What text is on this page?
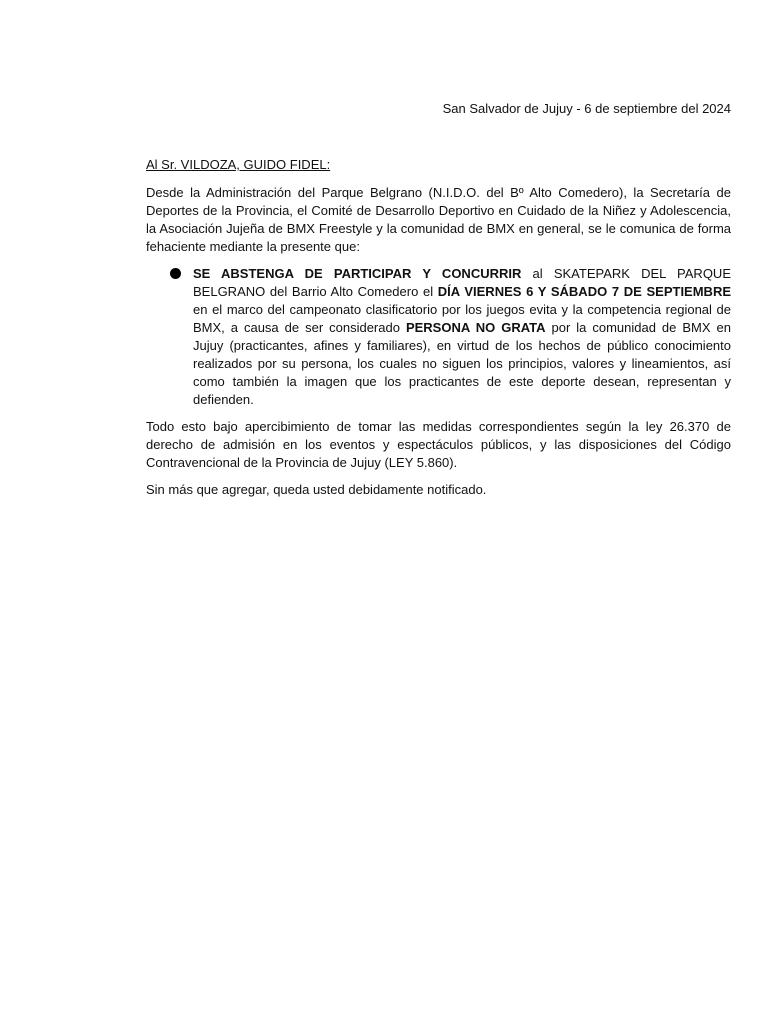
San Salvador de Jujuy - 6 de septiembre del 2024
Al Sr. VILDOZA, GUIDO FIDEL:

Desde la Administración del Parque Belgrano (N.I.D.O. del Bº Alto Comedero), la Secretaría de Deportes de la Provincia, el Comité de Desarrollo Deportivo en Cuidado de la Niñez y Adolescencia, la Asociación Jujeña de BMX Freestyle y la comunidad de BMX en general, se le comunica de forma fehaciente mediante la presente que:

SE ABSTENGA DE PARTICIPAR Y CONCURRIR al SKATEPARK DEL PARQUE BELGRANO del Barrio Alto Comedero el DÍA VIERNES 6 Y SÁBADO 7 DE SEPTIEMBRE en el marco del campeonato clasificatorio por los juegos evita y la competencia regional de BMX, a causa de ser considerado PERSONA NO GRATA por la comunidad de BMX en Jujuy (practicantes, afines y familiares), en virtud de los hechos de público conocimiento realizados por su persona, los cuales no siguen los principios, valores y lineamientos, así como también la imagen que los practicantes de este deporte desean, representan y defienden.

Todo esto bajo apercibimiento de tomar las medidas correspondientes según la ley 26.370 de derecho de admisión en los eventos y espectáculos públicos, y las disposiciones del Código Contravencional de la Provincia de Jujuy (LEY 5.860).

Sin más que agregar, queda usted debidamente notificado.
